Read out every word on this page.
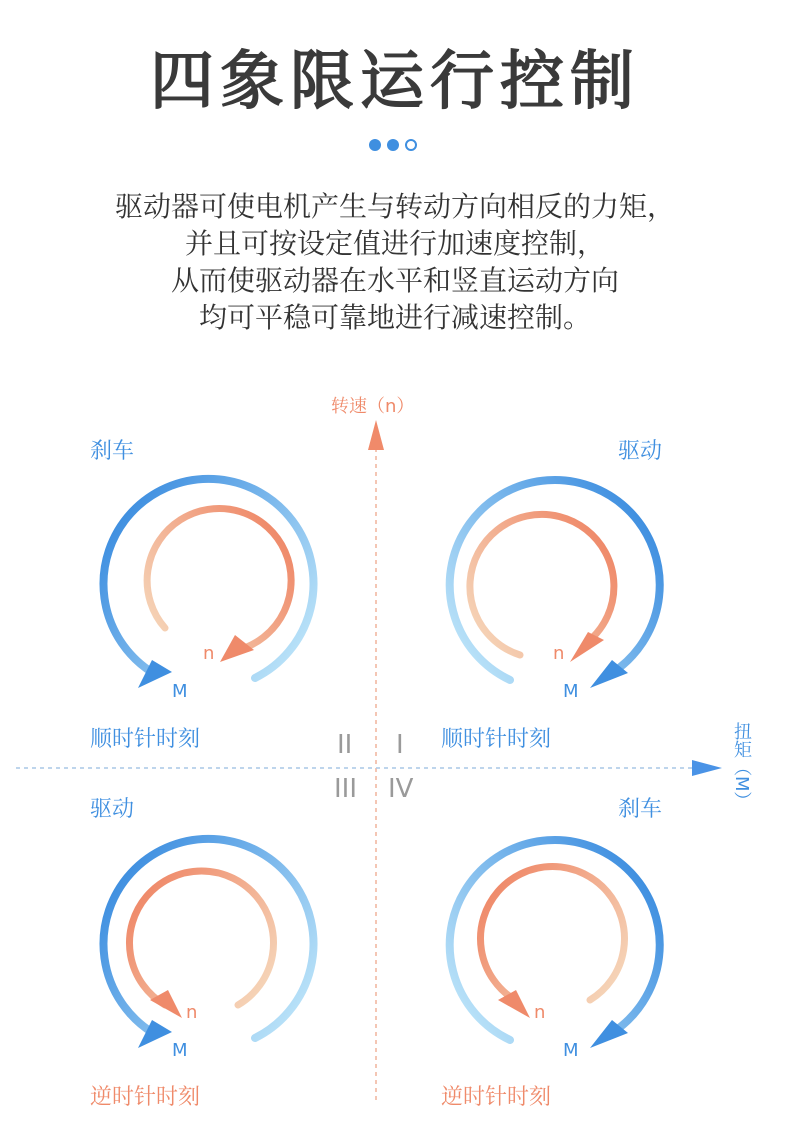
四象限运行控制
驱动器可使电机产生与转动方向相反的力矩，
并且可按设定值进行加速度控制，
从而使驱动器在水平和竖直运动方向
均可平稳可靠地进行减速控制。
转速（n）
扭矩（M）
II I
III IV
刹车	驱动
驱动	刹车
顺时针时刻	顺时针时刻
逆时针时刻	逆时针时刻
n
M
n
M
n
M
n
M
